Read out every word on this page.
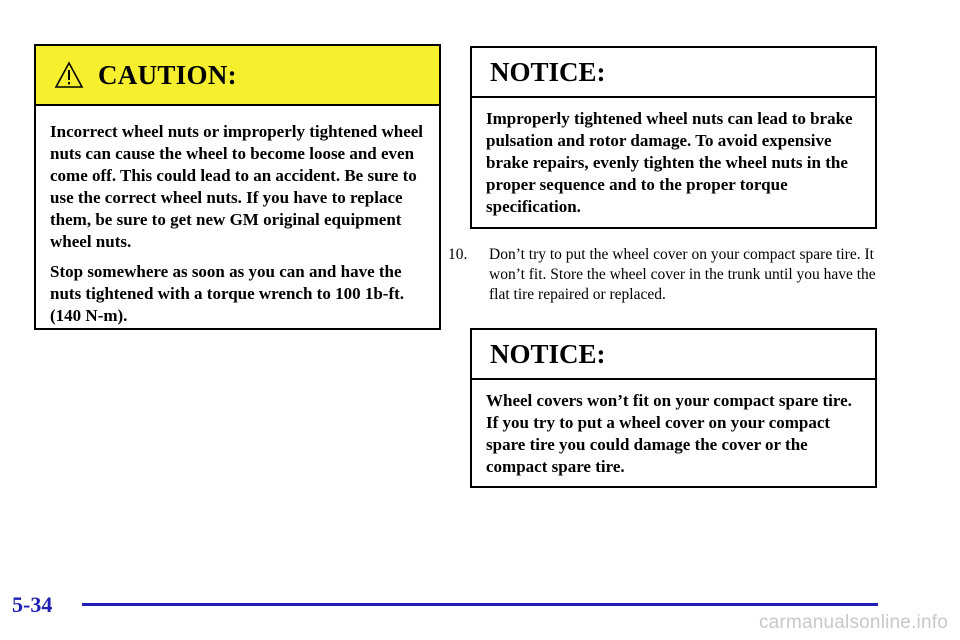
CAUTION:

Incorrect wheel nuts or improperly tightened wheel nuts can cause the wheel to become loose and even come off. This could lead to an accident. Be sure to use the correct wheel nuts. If you have to replace them, be sure to get new GM original equipment wheel nuts.

Stop somewhere as soon as you can and have the nuts tightened with a torque wrench to 100 1b-ft. (140 N-m).

NOTICE:

Improperly tightened wheel nuts can lead to brake pulsation and rotor damage. To avoid expensive brake repairs, evenly tighten the wheel nuts in the proper sequence and to the proper torque specification.

10.	Don’t try to put the wheel cover on your compact spare tire. It won’t fit. Store the wheel cover in the trunk until you have the flat tire repaired or replaced.
NOTICE:

Wheel covers won’t fit on your compact spare tire. If you try to put a wheel cover on your compact spare tire you could damage the cover or the compact spare tire.

5-34
carmanualsonline.info
